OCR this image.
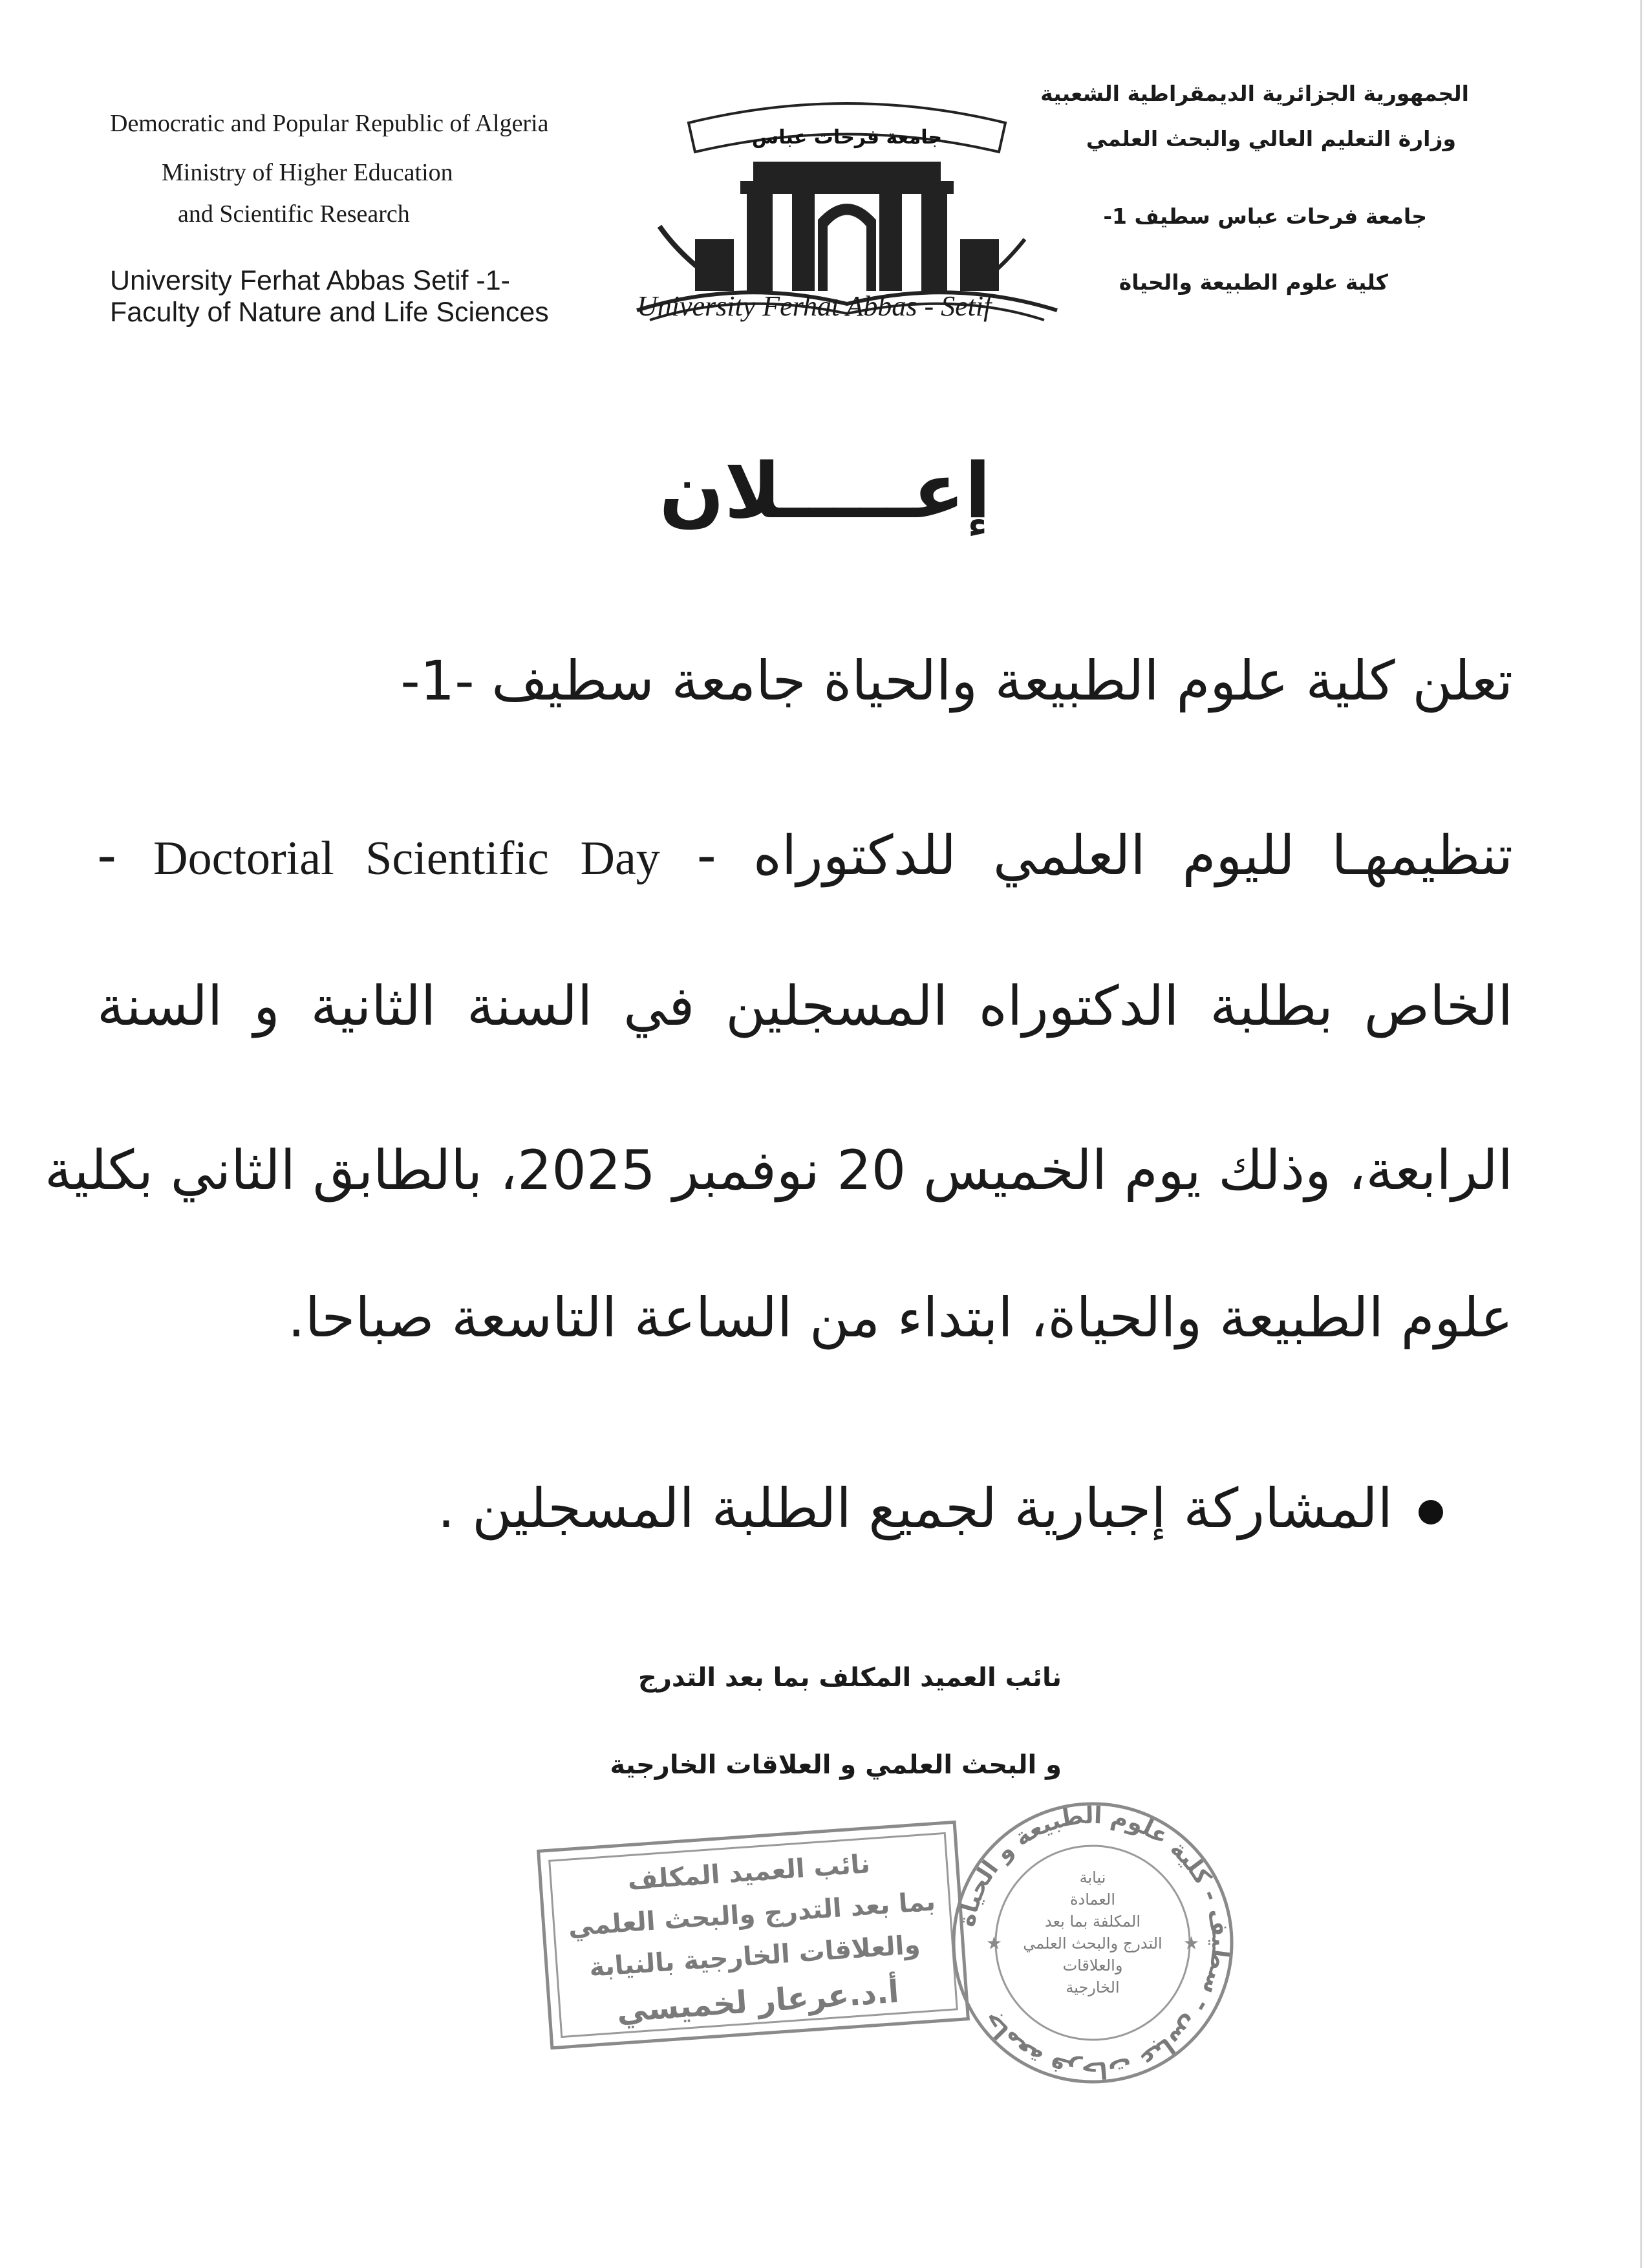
Democratic and Popular Republic of Algeria
Ministry of Higher Education
and Scientific Research
University Ferhat Abbas Setif -1-
Faculty of Nature and Life Sciences
جامعة فرحات عباس
University Ferhat Abbas - Setif
الجمهورية الجزائرية الديمقراطية الشعبية
وزارة التعليم العالي والبحث العلمي
جامعة فرحات عباس سطيف 1-
كلية علوم الطبيعة والحياة
إعـــــلان
تعلن كلية علوم الطبيعة والحياة جامعة سطيف -1-
تنظيمهـا لليوم العلمي للدكتوراه - Doctorial Scientific Day -
الخاص بطلبة الدكتوراه المسجلين في السنة الثانية و السنة
الرابعة، وذلك يوم الخميس 20 نوفمبر 2025، بالطابق الثاني بكلية
علوم الطبيعة والحياة، ابتداء من الساعة التاسعة صباحا.
المشاركة إجبارية لجميع الطلبة المسجلين .
نائب العميد المكلف بما بعد التدرج
و البحث العلمي و العلاقات الخارجية
نائب العميد المكلف
بما بعد التدرج والبحث العلمي
والعلاقات الخارجية بالنيابة
أ.د.عرعار لخميسي
جامعة فرحات عباس - سطيف - كلية علوم الطبيعة و الحياة
★	★
نيابة
العمادة
المكلفة بما بعد
التدرج والبحث العلمي
والعلاقات
الخارجية
